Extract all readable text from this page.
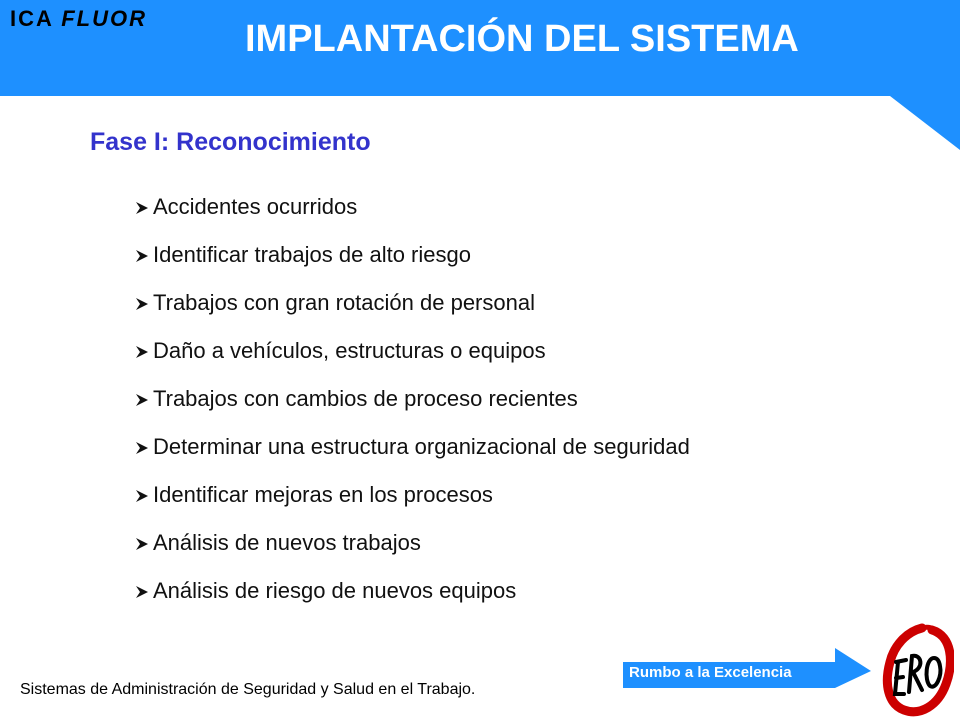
ICA FLUOR	IMPLANTACIÓN DEL SISTEMA
Fase I: Reconocimiento
Accidentes ocurridos
Identificar trabajos de alto riesgo
Trabajos con gran rotación de personal
Daño a vehículos, estructuras o equipos
Trabajos con cambios de proceso recientes
Determinar una estructura organizacional de seguridad
Identificar mejoras en los procesos
Análisis de nuevos trabajos
Análisis de riesgo de nuevos equipos
Sistemas de Administración de Seguridad y Salud en el Trabajo.
Rumbo a la Excelencia
